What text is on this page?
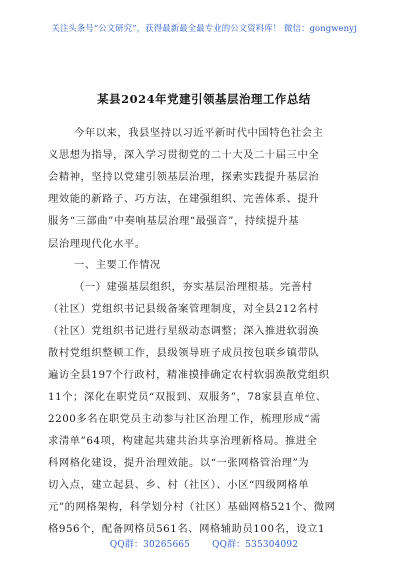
关注头条号“公文研究”，获得最新最全最专业的公文资料库！ 微信：gongwenyj
某县2024年党建引领基层治理工作总结
今年以来，我县坚持以习近平新时代中国特色社会主
义思想为指导，深入学习贯彻党的二十大及二十届三中全
会精神，坚持以党建引领基层治理，探索实践提升基层治
理效能的新路子、巧方法，在建强组织、完善体系、提升
服务“三部曲”中奏响基层治理“最强音”，持续提升基
层治理现代化水平。
一、主要工作情况
（一）建强基层组织，夯实基层治理根基。完善村
（社区）党组织书记县级备案管理制度，对全县212名村
（社区）党组织书记进行星级动态调整；深入推进软弱涣
散村党组织整顿工作，县级领导班子成员按包联乡镇带队
遍访全县197个行政村，精准摸排确定农村软弱涣散党组织
11个；深化在职党员“双报到、双服务”，78家县直单位、
2200多名在职党员主动参与社区治理工作，梳理形成“需
求清单”64项，构建起共建共治共享治理新格局。推进全
科网格化建设，提升治理效能。以“一张网格管治理”为
切入点，建立起县、乡、村（社区）、小区“四级网格单
元”的网格架构，科学划分村（社区）基础网格521个、微网
格956个，配备网格员561名、网格辅助员100名，设立1
QQ群：30265665 QQ群：535304092
